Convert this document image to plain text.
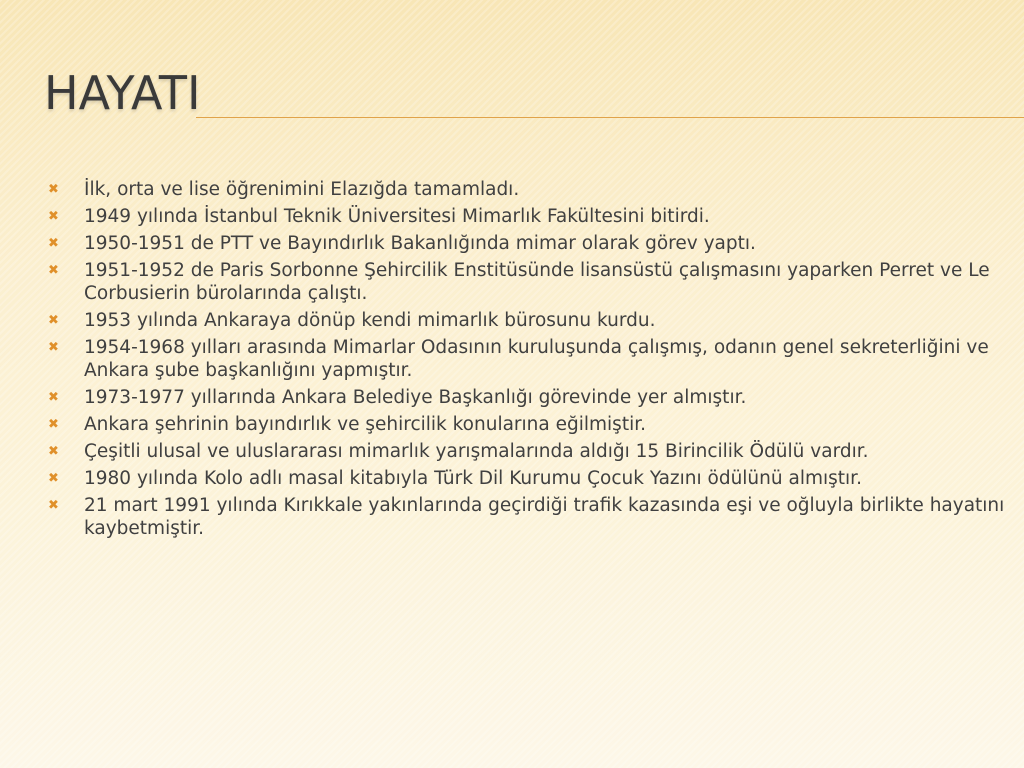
HAYATI
✖ İlk, orta ve lise öğrenimini Elazığda tamamladı.
✖ 1949 yılında İstanbul Teknik Üniversitesi Mimarlık Fakültesini bitirdi.
✖ 1950-1951 de PTT ve Bayındırlık Bakanlığında mimar olarak görev yaptı.
✖ 1951-1952 de Paris Sorbonne Şehircilik Enstitüsünde lisansüstü çalışmasını yaparken Perret ve Le Corbusierin bürolarında çalıştı.
✖ 1953 yılında Ankaraya dönüp kendi mimarlık bürosunu kurdu.
✖ 1954-1968 yılları arasında Mimarlar Odasının kuruluşunda çalışmış, odanın genel sekreterliğini ve Ankara şube başkanlığını yapmıştır.
✖ 1973-1977 yıllarında Ankara Belediye Başkanlığı görevinde yer almıştır.
✖ Ankara şehrinin bayındırlık ve şehircilik konularına eğilmiştir.
✖ Çeşitli ulusal ve uluslararası mimarlık yarışmalarında aldığı 15 Birincilik Ödülü vardır.
✖ 1980 yılında Kolo adlı masal kitabıyla Türk Dil Kurumu Çocuk Yazını ödülünü almıştır.
✖ 21 mart 1991 yılında Kırıkkale yakınlarında geçirdiği trafik kazasında eşi ve oğluyla birlikte hayatını kaybetmiştir.
